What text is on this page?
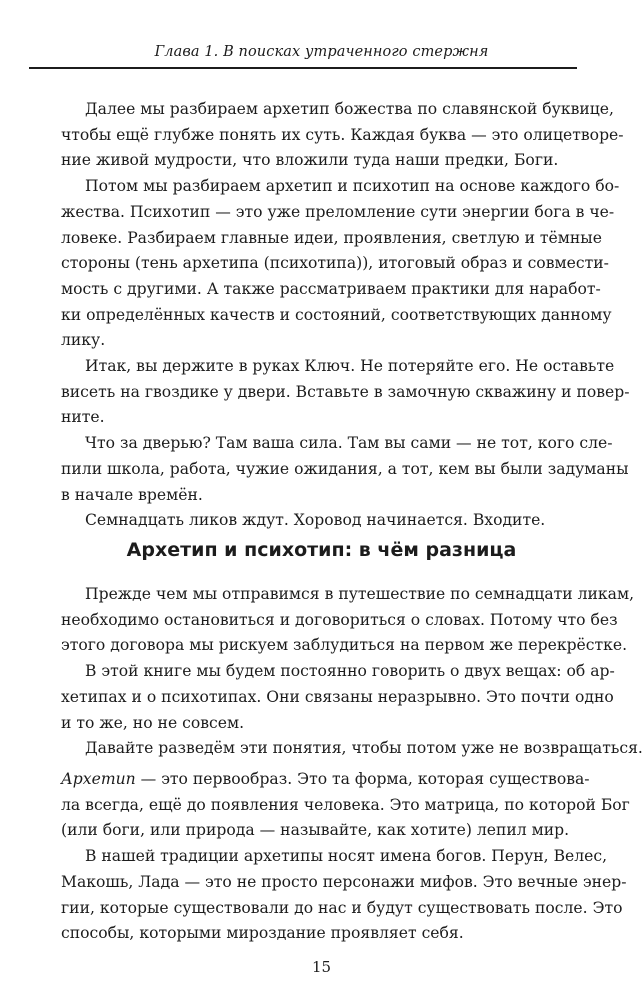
Глава 1. В поисках утраченного стержня
Далее мы разбираем архетип божества по славянской буквице,
чтобы ещё глубже понять их суть. Каждая буква — это олицетворе-
ние живой мудрости, что вложили туда наши предки, Боги.
Потом мы разбираем архетип и психотип на основе каждого бо-
жества. Психотип — это уже преломление сути энергии бога в че-
ловеке. Разбираем главные идеи, проявления, светлую и тёмные
стороны (тень архетипа (психотипа)), итоговый образ и совмести-
мость с другими. А также рассматриваем практики для наработ-
ки определённых качеств и состояний, соответствующих данному
лику.
Итак, вы держите в руках Ключ. Не потеряйте его. Не оставьте
висеть на гвоздике у двери. Вставьте в замочную скважину и повер-
ните.
Что за дверью? Там ваша сила. Там вы сами — не тот, кого сле-
пили школа, работа, чужие ожидания, а тот, кем вы были задуманы
в начале времён.
Семнадцать ликов ждут. Хоровод начинается. Входите.
Архетип и психотип: в чём разница
Прежде чем мы отправимся в путешествие по семнадцати ликам,
необходимо остановиться и договориться о словах. Потому что без
этого договора мы рискуем заблудиться на первом же перекрёстке.
В этой книге мы будем постоянно говорить о двух вещах: об ар-
хетипах и о психотипах. Они связаны неразрывно. Это почти одно
и то же, но не совсем.
Давайте разведём эти понятия, чтобы потом уже не возвращаться.
Архетип — это первообраз. Это та форма, которая существова-
ла всегда, ещё до появления человека. Это матрица, по которой Бог
(или боги, или природа — называйте, как хотите) лепил мир.
В нашей традиции архетипы носят имена богов. Перун, Велес,
Макошь, Лада — это не просто персонажи мифов. Это вечные энер-
гии, которые существовали до нас и будут существовать после. Это
способы, которыми мироздание проявляет себя.
15
